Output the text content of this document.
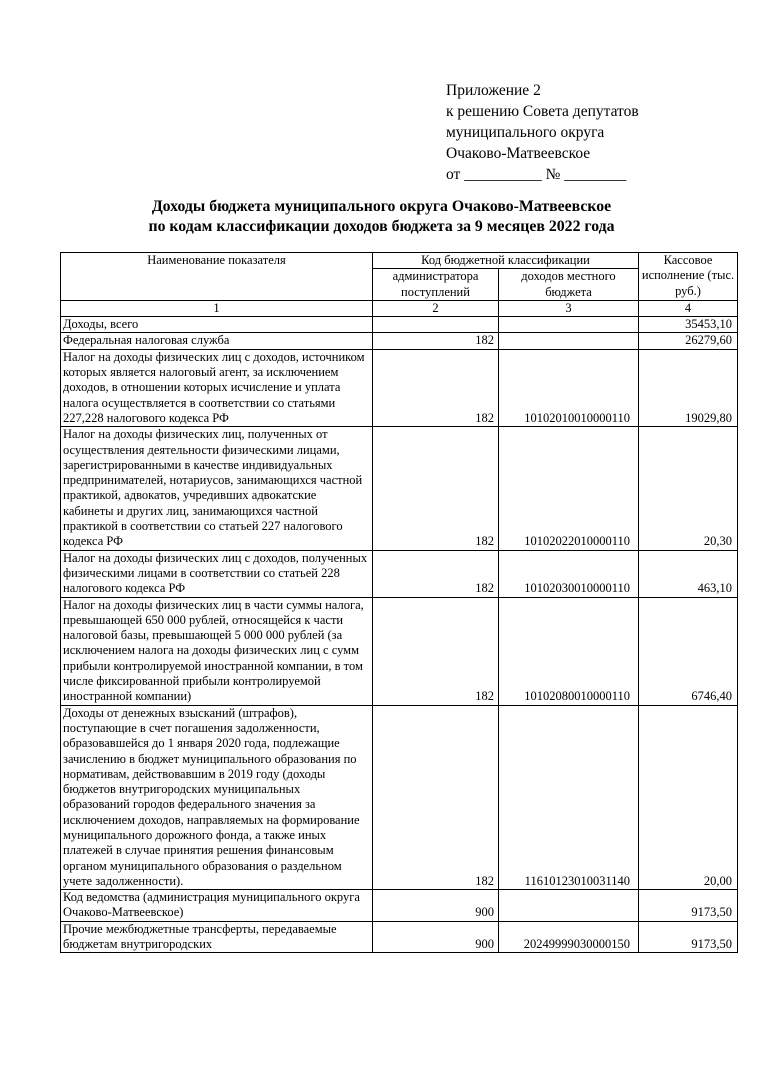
Приложение 2
к решению Совета депутатов
муниципального округа
Очаково-Матвеевское
от __________ № ________
Доходы бюджета муниципального округа Очаково-Матвеевское
по кодам классификации доходов бюджета за 9 месяцев 2022 года
Наименование показателя	Код бюджетной классификации		Кассовое исполнение (тыс. руб.)
	администратора поступлений	доходов местного бюджета	
1	2	3	4
Доходы, всего			35453,10
Федеральная налоговая служба	182		26279,60
Налог на доходы физических лиц с доходов, источником которых является налоговый агент, за исключением доходов, в отношении которых исчисление и уплата налога осуществляется в соответствии со статьями 227,228 налогового кодекса РФ	182	10102010010000110	19029,80
Налог на доходы физических лиц, полученных от осуществления деятельности физическими лицами, зарегистрированными в качестве индивидуальных предпринимателей, нотариусов, занимающихся частной практикой, адвокатов, учредивших адвокатские кабинеты и других лиц, занимающихся частной практикой в соответствии со статьей 227 налогового кодекса РФ	182	10102022010000110	20,30
Налог на доходы физических лиц с доходов, полученных физическими лицами в соответствии со статьей 228 налогового кодекса РФ	182	10102030010000110	463,10
Налог на доходы физических лиц в части суммы налога, превышающей 650 000 рублей, относящейся к части налоговой базы, превышающей 5 000 000 рублей (за исключением налога на доходы физических лиц с сумм прибыли контролируемой иностранной компании, в том числе фиксированной прибыли контролируемой иностранной компании)	182	10102080010000110	6746,40
Доходы от денежных взысканий (штрафов), поступающие в счет погашения задолженности, образовавшейся до 1 января 2020 года, подлежащие зачислению в бюджет муниципального образования по нормативам, действовавшим в 2019 году (доходы бюджетов внутригородских муниципальных образований городов федерального значения за исключением доходов, направляемых на формирование муниципального дорожного фонда, а также иных платежей в случае принятия решения финансовым органом муниципального образования о раздельном учете задолженности).	182	11610123010031140	20,00
Код ведомства (администрация муниципального округа Очаково-Матвеевское)	900		9173,50
Прочие межбюджетные трансферты, передаваемые бюджетам внутригородских	900	20249999030000150	9173,50
